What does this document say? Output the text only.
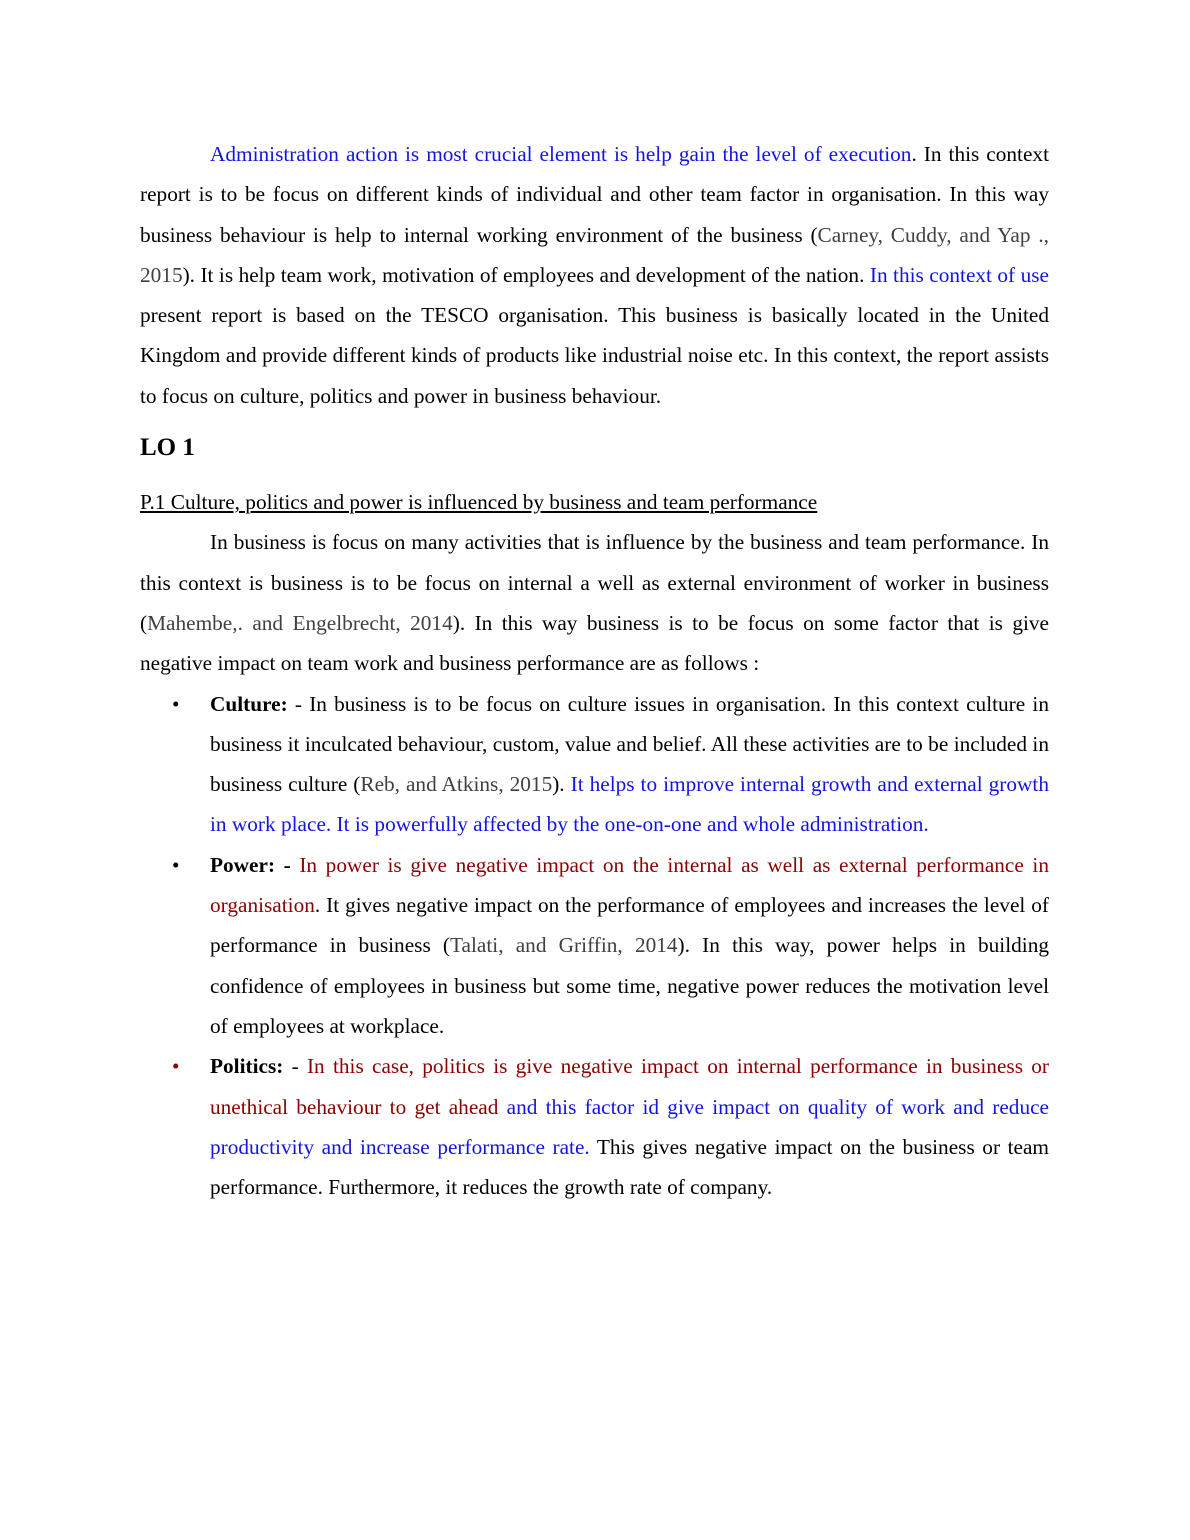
Administration action is most crucial element is help gain the level of execution. In this context report is to be focus on different kinds of individual and other team factor in organisation. In this way business behaviour is help to internal working environment of the business (Carney, Cuddy, and Yap ., 2015). It is help team work, motivation of employees and development of the nation. In this context of use present report is based on the TESCO organisation. This business is basically located in the United Kingdom and provide different kinds of products like industrial noise etc. In this context, the report assists to focus on culture, politics and power in business behaviour.

LO 1

P.1 Culture, politics and power is influenced by business and team performance

In business is focus on many activities that is influence by the business and team performance. In this context is business is to be focus on internal a well as external environment of worker in business (Mahembe,. and Engelbrecht, 2014). In this way business is to be focus on some factor that is give negative impact on team work and business performance are as follows :

• Culture: - In business is to be focus on culture issues in organisation. In this context culture in business it inculcated behaviour, custom, value and belief. All these activities are to be included in business culture (Reb, and Atkins, 2015). It helps to improve internal growth and external growth in work place. It is powerfully affected by the one-on-one and whole administration.

• Power: - In power is give negative impact on the internal as well as external performance in organisation. It gives negative impact on the performance of employees and increases the level of performance in business (Talati, and Griffin, 2014). In this way, power helps in building confidence of employees in business but some time, negative power reduces the motivation level of employees at workplace.

• Politics: - In this case, politics is give negative impact on internal performance in business or unethical behaviour to get ahead and this factor id give impact on quality of work and reduce productivity and increase performance rate. This gives negative impact on the business or team performance. Furthermore, it reduces the growth rate of company.
